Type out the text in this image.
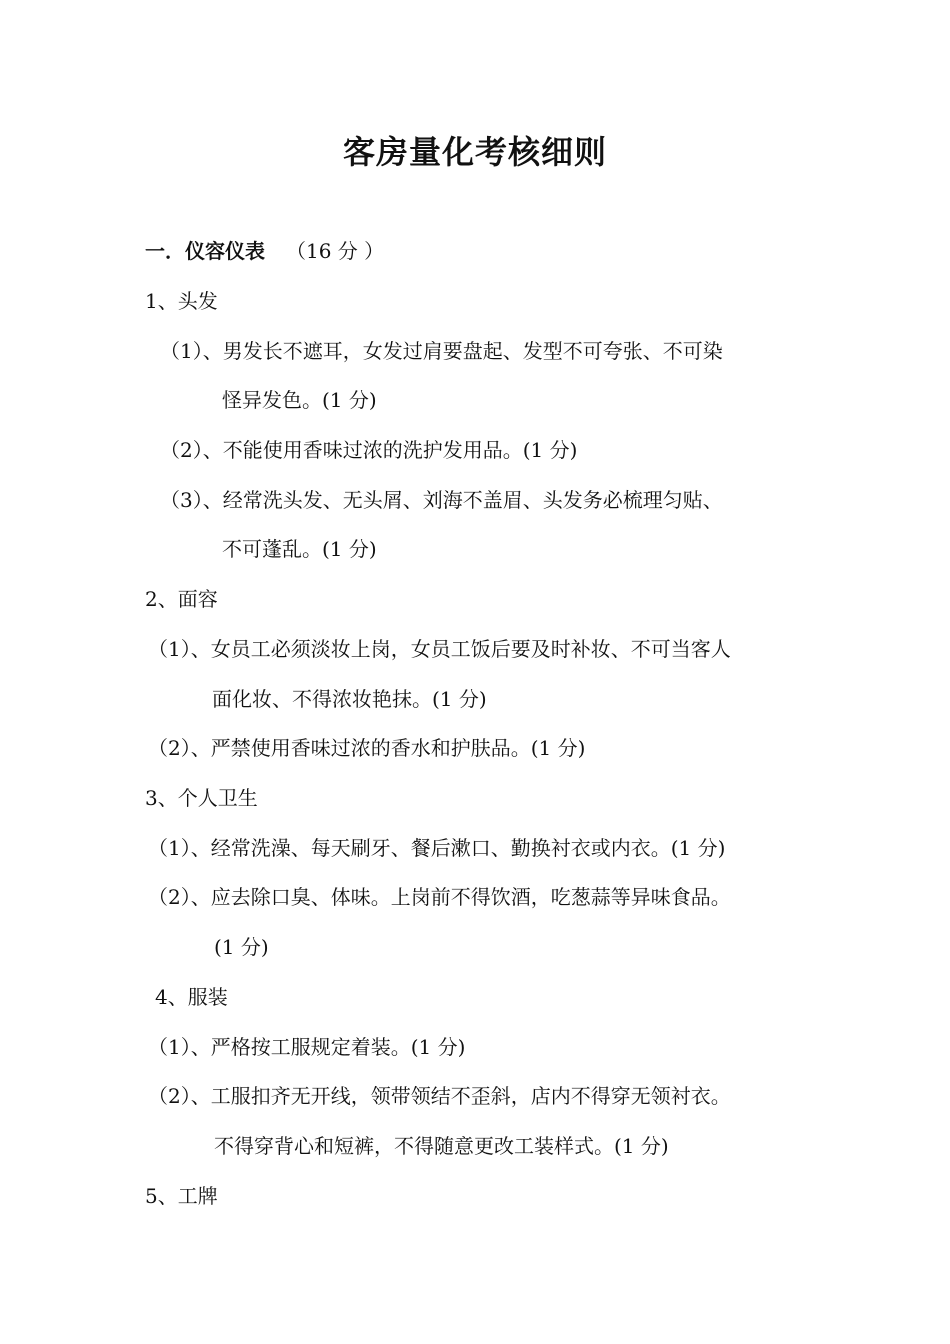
客房量化考核细则
一．仪容仪表 （16 分 ）
1、头发
（1）、男发长不遮耳，女发过肩要盘起、发型不可夸张、不可染
怪异发色。(1 分)
（2）、不能使用香味过浓的洗护发用品。(1 分)
（3）、经常洗头发、无头屑、刘海不盖眉、头发务必梳理匀贴、
不可蓬乱。(1 分)
2、面容
（1）、女员工必须淡妆上岗，女员工饭后要及时补妆、不可当客人
面化妆、不得浓妆艳抹。(1 分)
（2）、严禁使用香味过浓的香水和护肤品。(1 分)
3、个人卫生
（1）、经常洗澡、每天刷牙、餐后漱口、勤换衬衣或内衣。(1 分)
（2）、应去除口臭、体味。上岗前不得饮酒，吃葱蒜等异味食品。
(1 分)
4、服装
（1）、严格按工服规定着装。(1 分)
（2）、工服扣齐无开线，领带领结不歪斜，店内不得穿无领衬衣。
不得穿背心和短裤，不得随意更改工装样式。(1 分)
5、工牌
